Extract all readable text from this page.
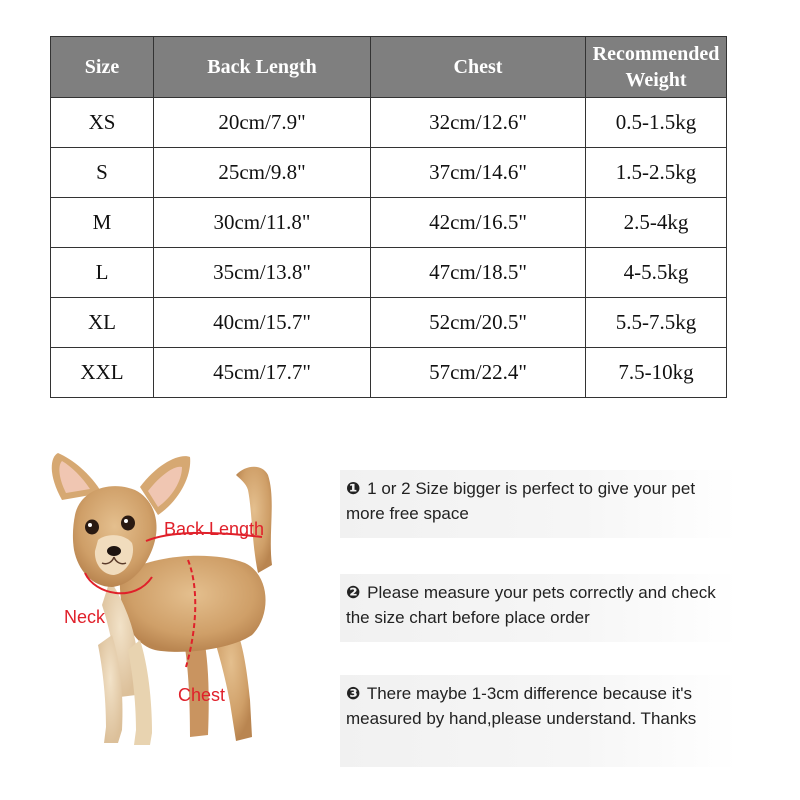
Size	Back Length	Chest	Recommended Weight
XS	20cm/7.9"	32cm/12.6"	0.5-1.5kg
S	25cm/9.8"	37cm/14.6"	1.5-2.5kg
M	30cm/11.8"	42cm/16.5"	2.5-4kg
L	35cm/13.8"	47cm/18.5"	4-5.5kg
XL	40cm/15.7"	52cm/20.5"	5.5-7.5kg
XXL	45cm/17.7"	57cm/22.4"	7.5-10kg
Back Length
Neck
Chest
❶ 1 or 2 Size bigger is perfect to give your pet more free space
❷ Please measure your pets correctly and check the size chart before place order
❸ There maybe 1-3cm difference because it's measured by hand,please understand. Thanks
